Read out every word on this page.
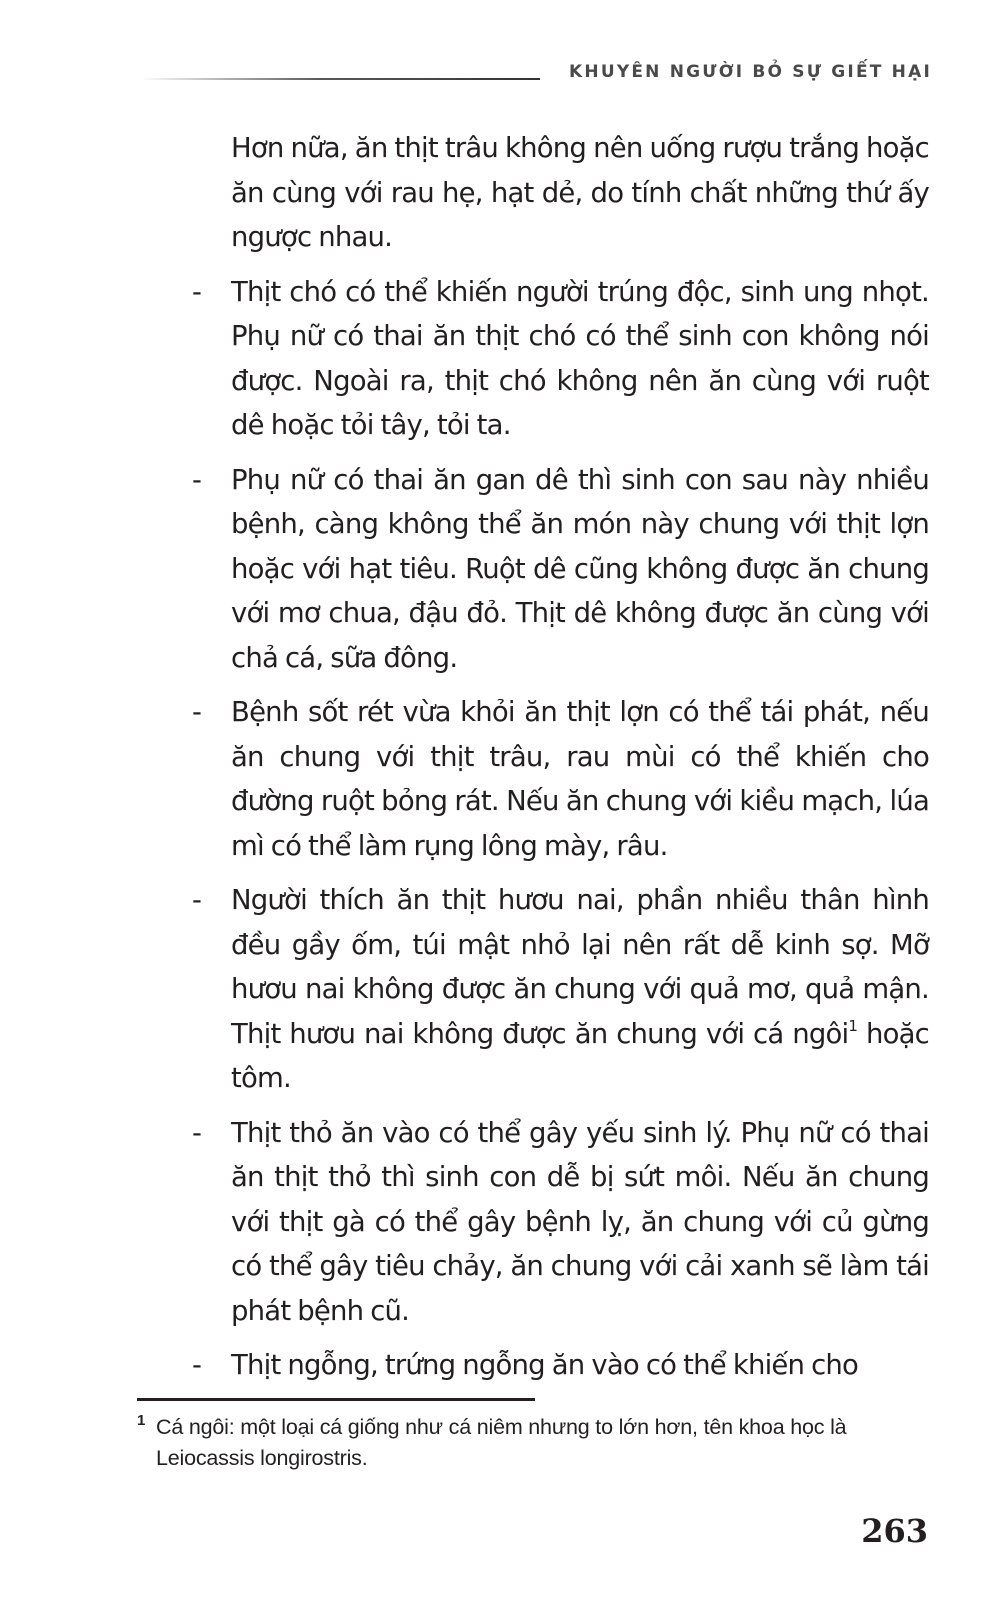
KHUYÊN NGƯỜI BỎ SỰ GIẾT HẠI

Hơn nữa, ăn thịt trâu không nên uống rượu trắng hoặc ăn cùng với rau hẹ, hạt dẻ, do tính chất những thứ ấy ngược nhau.

- Thịt chó có thể khiến người trúng độc, sinh ung nhọt. Phụ nữ có thai ăn thịt chó có thể sinh con không nói được. Ngoài ra, thịt chó không nên ăn cùng với ruột dê hoặc tỏi tây, tỏi ta.
- Phụ nữ có thai ăn gan dê thì sinh con sau này nhiều bệnh, càng không thể ăn món này chung với thịt lợn hoặc với hạt tiêu. Ruột dê cũng không được ăn chung với mơ chua, đậu đỏ. Thịt dê không được ăn cùng với chả cá, sữa đông.
- Bệnh sốt rét vừa khỏi ăn thịt lợn có thể tái phát, nếu ăn chung với thịt trâu, rau mùi có thể khiến cho đường ruột bỏng rát. Nếu ăn chung với kiều mạch, lúa mì có thể làm rụng lông mày, râu.
- Người thích ăn thịt hươu nai, phần nhiều thân hình đều gầy ốm, túi mật nhỏ lại nên rất dễ kinh sợ. Mỡ hươu nai không được ăn chung với quả mơ, quả mận. Thịt hươu nai không được ăn chung với cá ngôi$^1$ hoặc tôm.
- Thịt thỏ ăn vào có thể gây yếu sinh lý. Phụ nữ có thai ăn thịt thỏ thì sinh con dễ bị sứt môi. Nếu ăn chung với thịt gà có thể gây bệnh lỵ, ăn chung với củ gừng có thể gây tiêu chảy, ăn chung với cải xanh sẽ làm tái phát bệnh cũ.
- Thịt ngỗng, trứng ngỗng ăn vào có thể khiến cho
1 Cá ngôi: một loại cá giống như cá niêm nhưng to lớn hơn, tên khoa học là Leiocassis longirostris.
263
